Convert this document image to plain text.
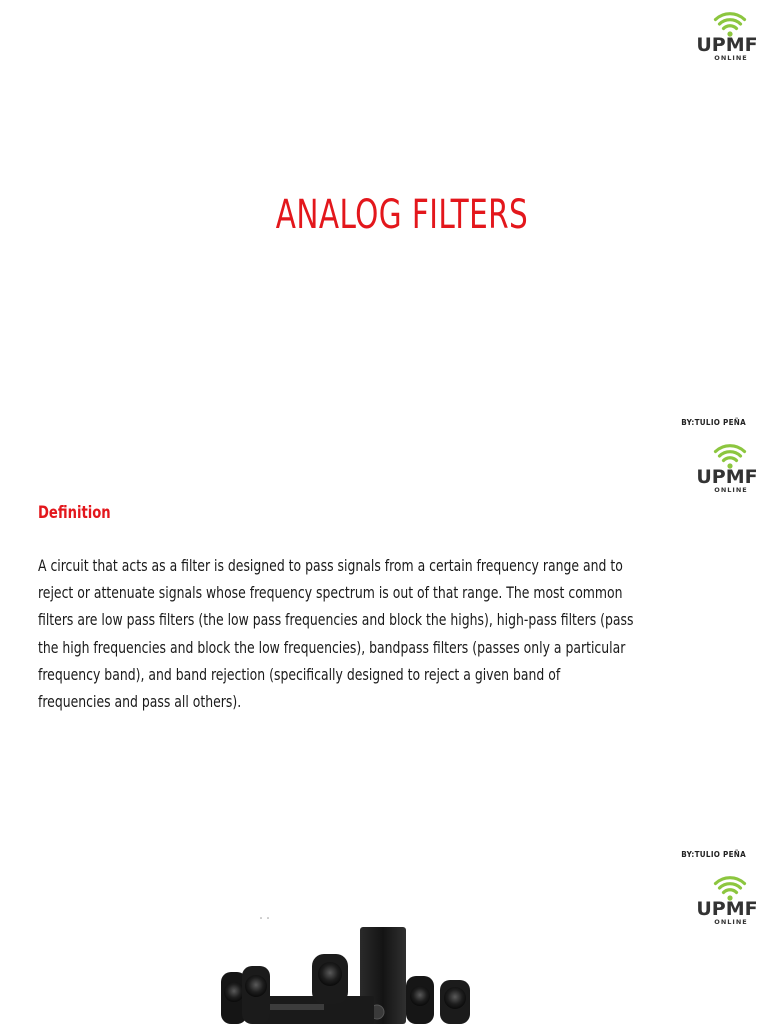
UPMF
ONLINE
ANALOG FILTERS
BY:TULIO PEÑA
UPMF
ONLINE
Definition
A circuit that acts as a filter is designed to pass signals from a certain frequency range and to
reject or attenuate signals whose frequency spectrum is out of that range. The most common
filters are low pass filters (the low pass frequencies and block the highs), high-pass filters (pass
the high frequencies and block the low frequencies), bandpass filters (passes only a particular
frequency band), and band rejection (specifically designed to reject a given band of
frequencies and pass all others).
BY:TULIO PEÑA
UPMF
ONLINE
